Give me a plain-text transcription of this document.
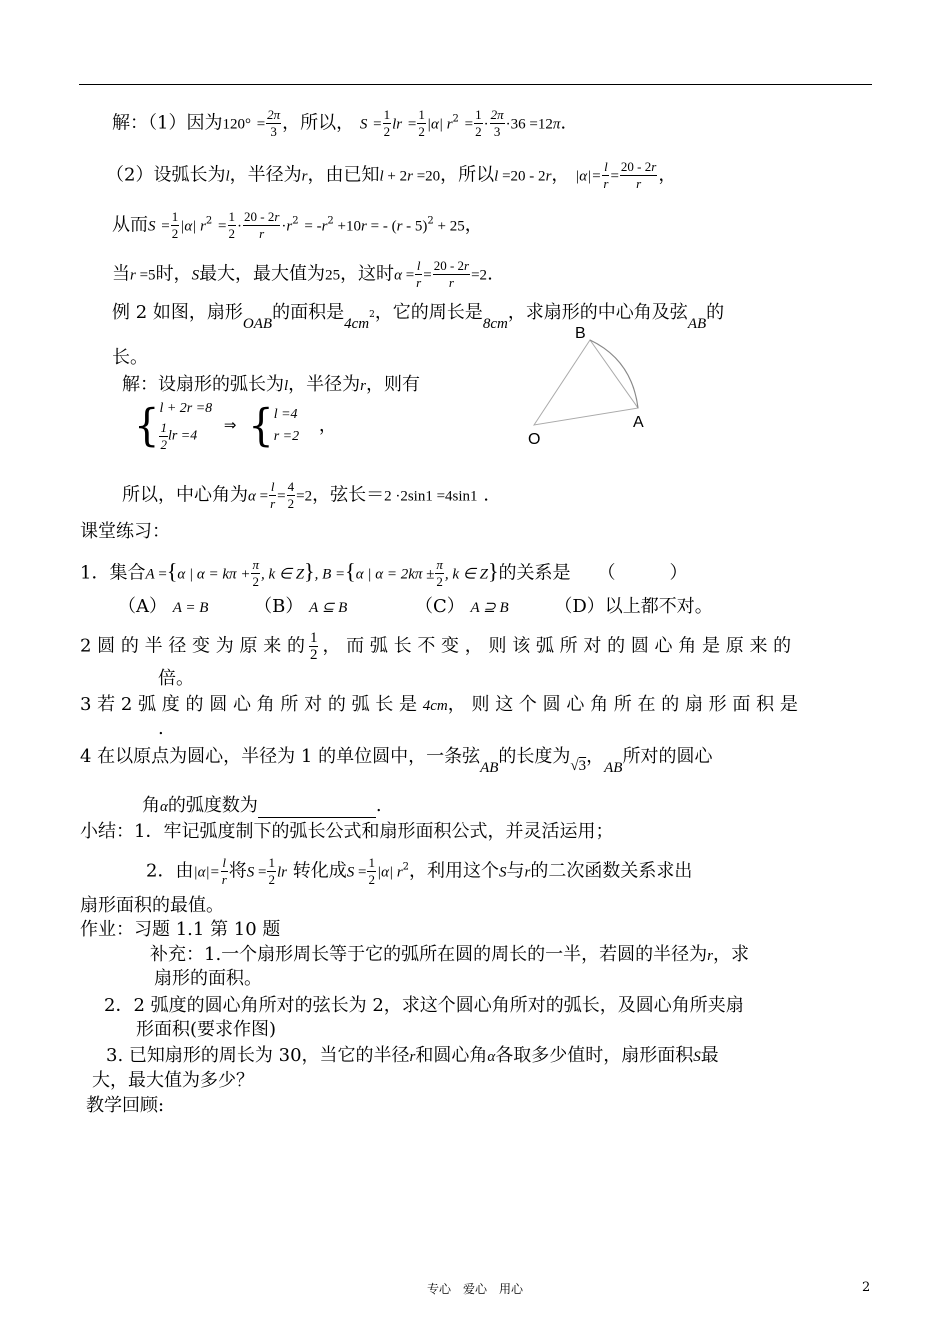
解：（1）因为$120^\circ = \frac{2\pi}{3}$ ，所以， $S = \frac{1}{2}$ lr = $\frac{1}{2} |\alpha|$ $r^2 = \frac{1}{2} \cdot \frac{2\pi}{3} \cdot 36 =12\pi$.
（2）设弧长为l，半径为r，由已知l + 2r =20，所以l =20 - 2r， $|\alpha|= \frac{l}{r} = \frac{20 - 2r}{r}$ ，
从而$S = \frac{1}{2} |\alpha|$ $r^2 = \frac{1}{2} \cdot \frac{20 - 2r}{r} \cdot r^2 = -r^2 +10r$ = - (r - 5)$^2$ + 25，
当r =5时，S最大，最大值为25，这时$\alpha = \frac{l}{r} = \frac{20 - 2r}{r} =2$.
例 2 如图，扇形$_{OAB}$的面积是$_{4cm}^2$，它的周长是$_{8cm}$，求扇形的中心角及弦$_{AB}$的
长。
解：设扇形的弧长为l，半径为r，则有
{l + 2r =8

$\frac{1}{2}$ lr =4 ⇒ {l =4
r =2 ，
所以，中心角为$\alpha = \frac{l}{r} = \frac{4}{2} =2$，弦长＝2 ·2sin1 =4sin1 .
B
A
O
课堂练习：
1．集合A ={α | $\alpha = k\pi + \frac{\pi}{2}$ , k ∈ Z}, B ={α | $\alpha = 2k\pi \pm \frac{\pi}{2}$ , k ∈ Z}的关系是　　（　　　）
（A） A = B	（B） A ⊆ B	（C） A ⊇ B	（D）以上都不对。
2 圆 的 半 径 变 为 原 来 的 $\frac{1}{2}$ ， 而 弧 长 不 变 ， 则 该 弧 所 对 的 圆 心 角 是 原 来 的
倍。
3 若 2 弧 度 的 圆 心 角 所 对 的 弧 长 是 4cm， 则 这 个 圆 心 角 所 在 的 扇 形 面 积 是
.
4 在以原点为圆心，半径为 1 的单位圆中，一条弦$_{AB}$的长度为$_{√3}$，$_{AB}$所对的圆心
角α的弧度数为	.
小结：1．牢记弧度制下的弧长公式和扇形面积公式，并灵活运用；
2．由$|\alpha|= \frac{l}{r}$ 将$S = \frac{1}{2}$ lr 转化成$S = \frac{1}{2} |\alpha|$ $r^2$，利用这个S与r的二次函数关系求出
扇形面积的最值。
作业：习题 1.1 第 10 题
补充：1.一个扇形周长等于它的弧所在圆的周长的一半，若圆的半径为r，求
扇形的面积。
2．2 弧度的圆心角所对的弦长为 2，求这个圆心角所对的弧长，及圆心角所夹扇
形面积(要求作图)
3. 已知扇形的周长为 30，当它的半径r和圆心角α各取多少值时，扇形面积S最
大，最大值为多少？
教学回顾:
专心　爱心　用心	2
